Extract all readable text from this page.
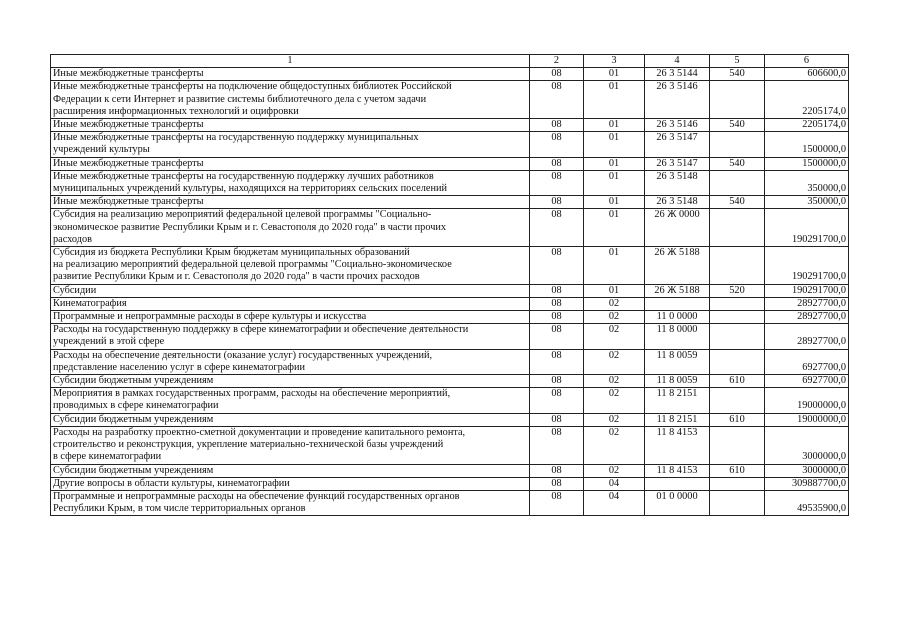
1	2	3	4	5	6
Иные межбюджетные трансферты	08	01	26 3 5144	540	606600,0
Иные межбюджетные трансферты на подключение общедоступных библиотек Российской
Федерации к сети Интернет и развитие системы библиотечного дела с учетом задачи
расширения информационных технологий и оцифровки	08	01	26 3 5146		2205174,0
Иные межбюджетные трансферты	08	01	26 3 5146	540	2205174,0
Иные межбюджетные трансферты на государственную поддержку муниципальных
учреждений культуры	08	01	26 3 5147		1500000,0
Иные межбюджетные трансферты	08	01	26 3 5147	540	1500000,0
Иные межбюджетные трансферты на государственную поддержку лучших работников
муниципальных учреждений культуры, находящихся на территориях сельских поселений	08	01	26 3 5148		350000,0
Иные межбюджетные трансферты	08	01	26 3 5148	540	350000,0
Субсидия на реализацию мероприятий федеральной целевой программы "Социально-
экономическое развитие Республики Крым и г. Севастополя до 2020 года" в части прочих
расходов	08	01	26 Ж 0000		190291700,0
Субсидия из бюджета Республики Крым бюджетам муниципальных образований
на реализацию мероприятий федеральной целевой программы "Социально-экономическое
развитие Республики Крым и г. Севастополя до 2020 года" в части прочих расходов	08	01	26 Ж 5188		190291700,0
Субсидии	08	01	26 Ж 5188	520	190291700,0
Кинематография	08	02			28927700,0
Программные и непрограммные расходы в сфере культуры и искусства	08	02	11 0 0000		28927700,0
Расходы на государственную поддержку в сфере кинематографии и обеспечение деятельности
учреждений в этой сфере	08	02	11 8 0000		28927700,0
Расходы на обеспечение деятельности (оказание услуг) государственных учреждений,
представление населению услуг в сфере кинематографии	08	02	11 8 0059		6927700,0
Субсидии бюджетным учреждениям	08	02	11 8 0059	610	6927700,0
Мероприятия в рамках государственных программ, расходы на обеспечение мероприятий,
проводимых в сфере кинематографии	08	02	11 8 2151		19000000,0
Субсидии бюджетным учреждениям	08	02	11 8 2151	610	19000000,0
Расходы на разработку проектно-сметной документации и проведение капитального ремонта,
строительство и реконструкция, укрепление материально-технической базы учреждений
в сфере кинематографии	08	02	11 8 4153		3000000,0
Субсидии бюджетным учреждениям	08	02	11 8 4153	610	3000000,0
Другие вопросы в области культуры, кинематографии	08	04			309887700,0
Программные и непрограммные расходы на обеспечение функций государственных органов
Республики Крым, в том числе территориальных органов	08	04	01 0 0000		49535900,0
